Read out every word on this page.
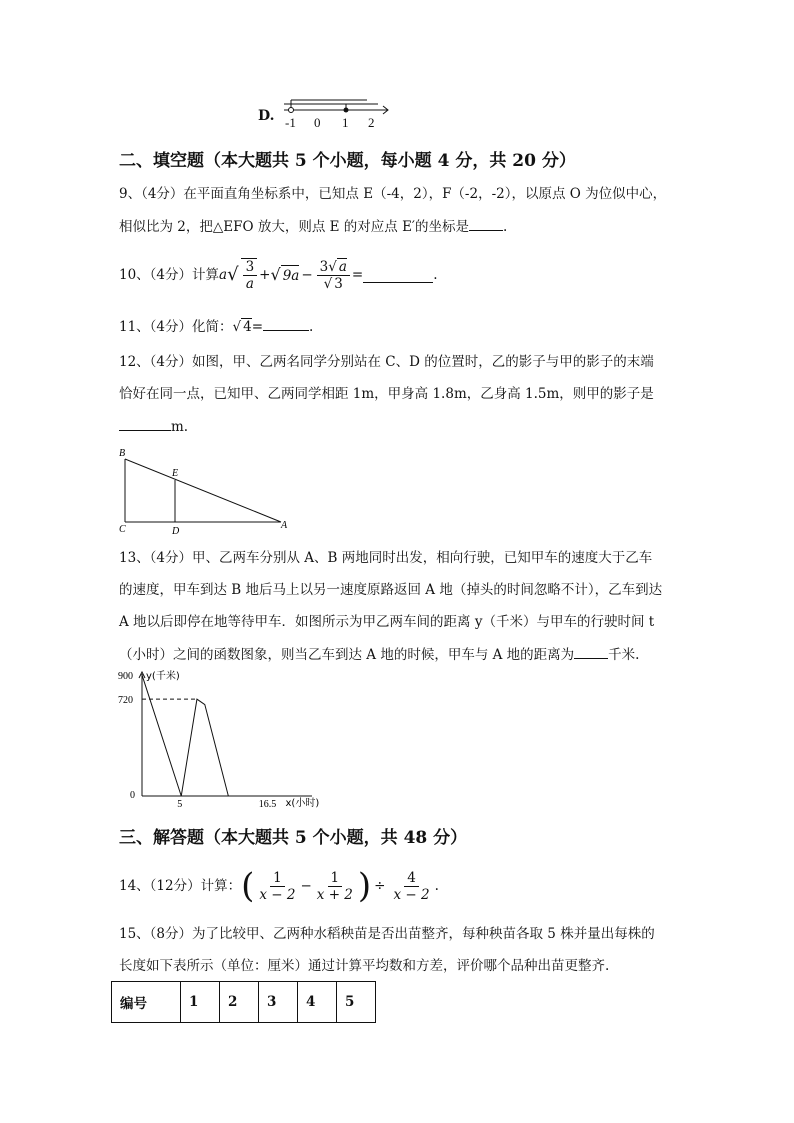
D. -1 0 1 2
二、填空题（本大题共 5 个小题，每小题 4 分，共 20 分）
9、（4分）在平面直角坐标系中，已知点 E（-4，2），F（-2，-2），以原点 O 为位似中心，
相似比为 2，把△EFO 放大，则点 E 的对应点 E′的坐标是	.
10、（4分）计算 a √ $\frac{3}{a}$ + √ $9a - \frac{3√ a}{√ 3}$ =	.
11、（4分）化简：√ 4=	.
12、（4分）如图，甲、乙两名同学分别站在 C、D 的位置时，乙的影子与甲的影子的末端
恰好在同一点，已知甲、乙两同学相距 1m，甲身高 1.8m，乙身高 1.5m，则甲的影子是
m.
B
E
C	D
A
13、（4分）甲、乙两车分别从 A、B 两地同时出发，相向行驶，已知甲车的速度大于乙车
的速度，甲车到达 B 地后马上以另一速度原路返回 A 地（掉头的时间忽略不计），乙车到达
A 地以后即停在地等待甲车．如图所示为甲乙两车间的距离 y（千米）与甲车的行驶时间 t
（小时）之间的函数图象，则当乙车到达 A 地的时候，甲车与 A 地的距离为	千米.
y(千米)
x(小时)
900
720
0
5	16.5
三、解答题（本大题共 5 个小题，共 48 分）
14、（12分）计算： ( $\frac{1}{x - 2} - \frac{1}{x + 2}$ ) ÷ $\frac{4}{x - 2}$ .
15、（8分）为了比较甲、乙两种水稻秧苗是否出苗整齐，每种秧苗各取 5 株并量出每株的
长度如下表所示（单位：厘米）通过计算平均数和方差，评价哪个品种出苗更整齐.
编号	1	2	3	4	5
